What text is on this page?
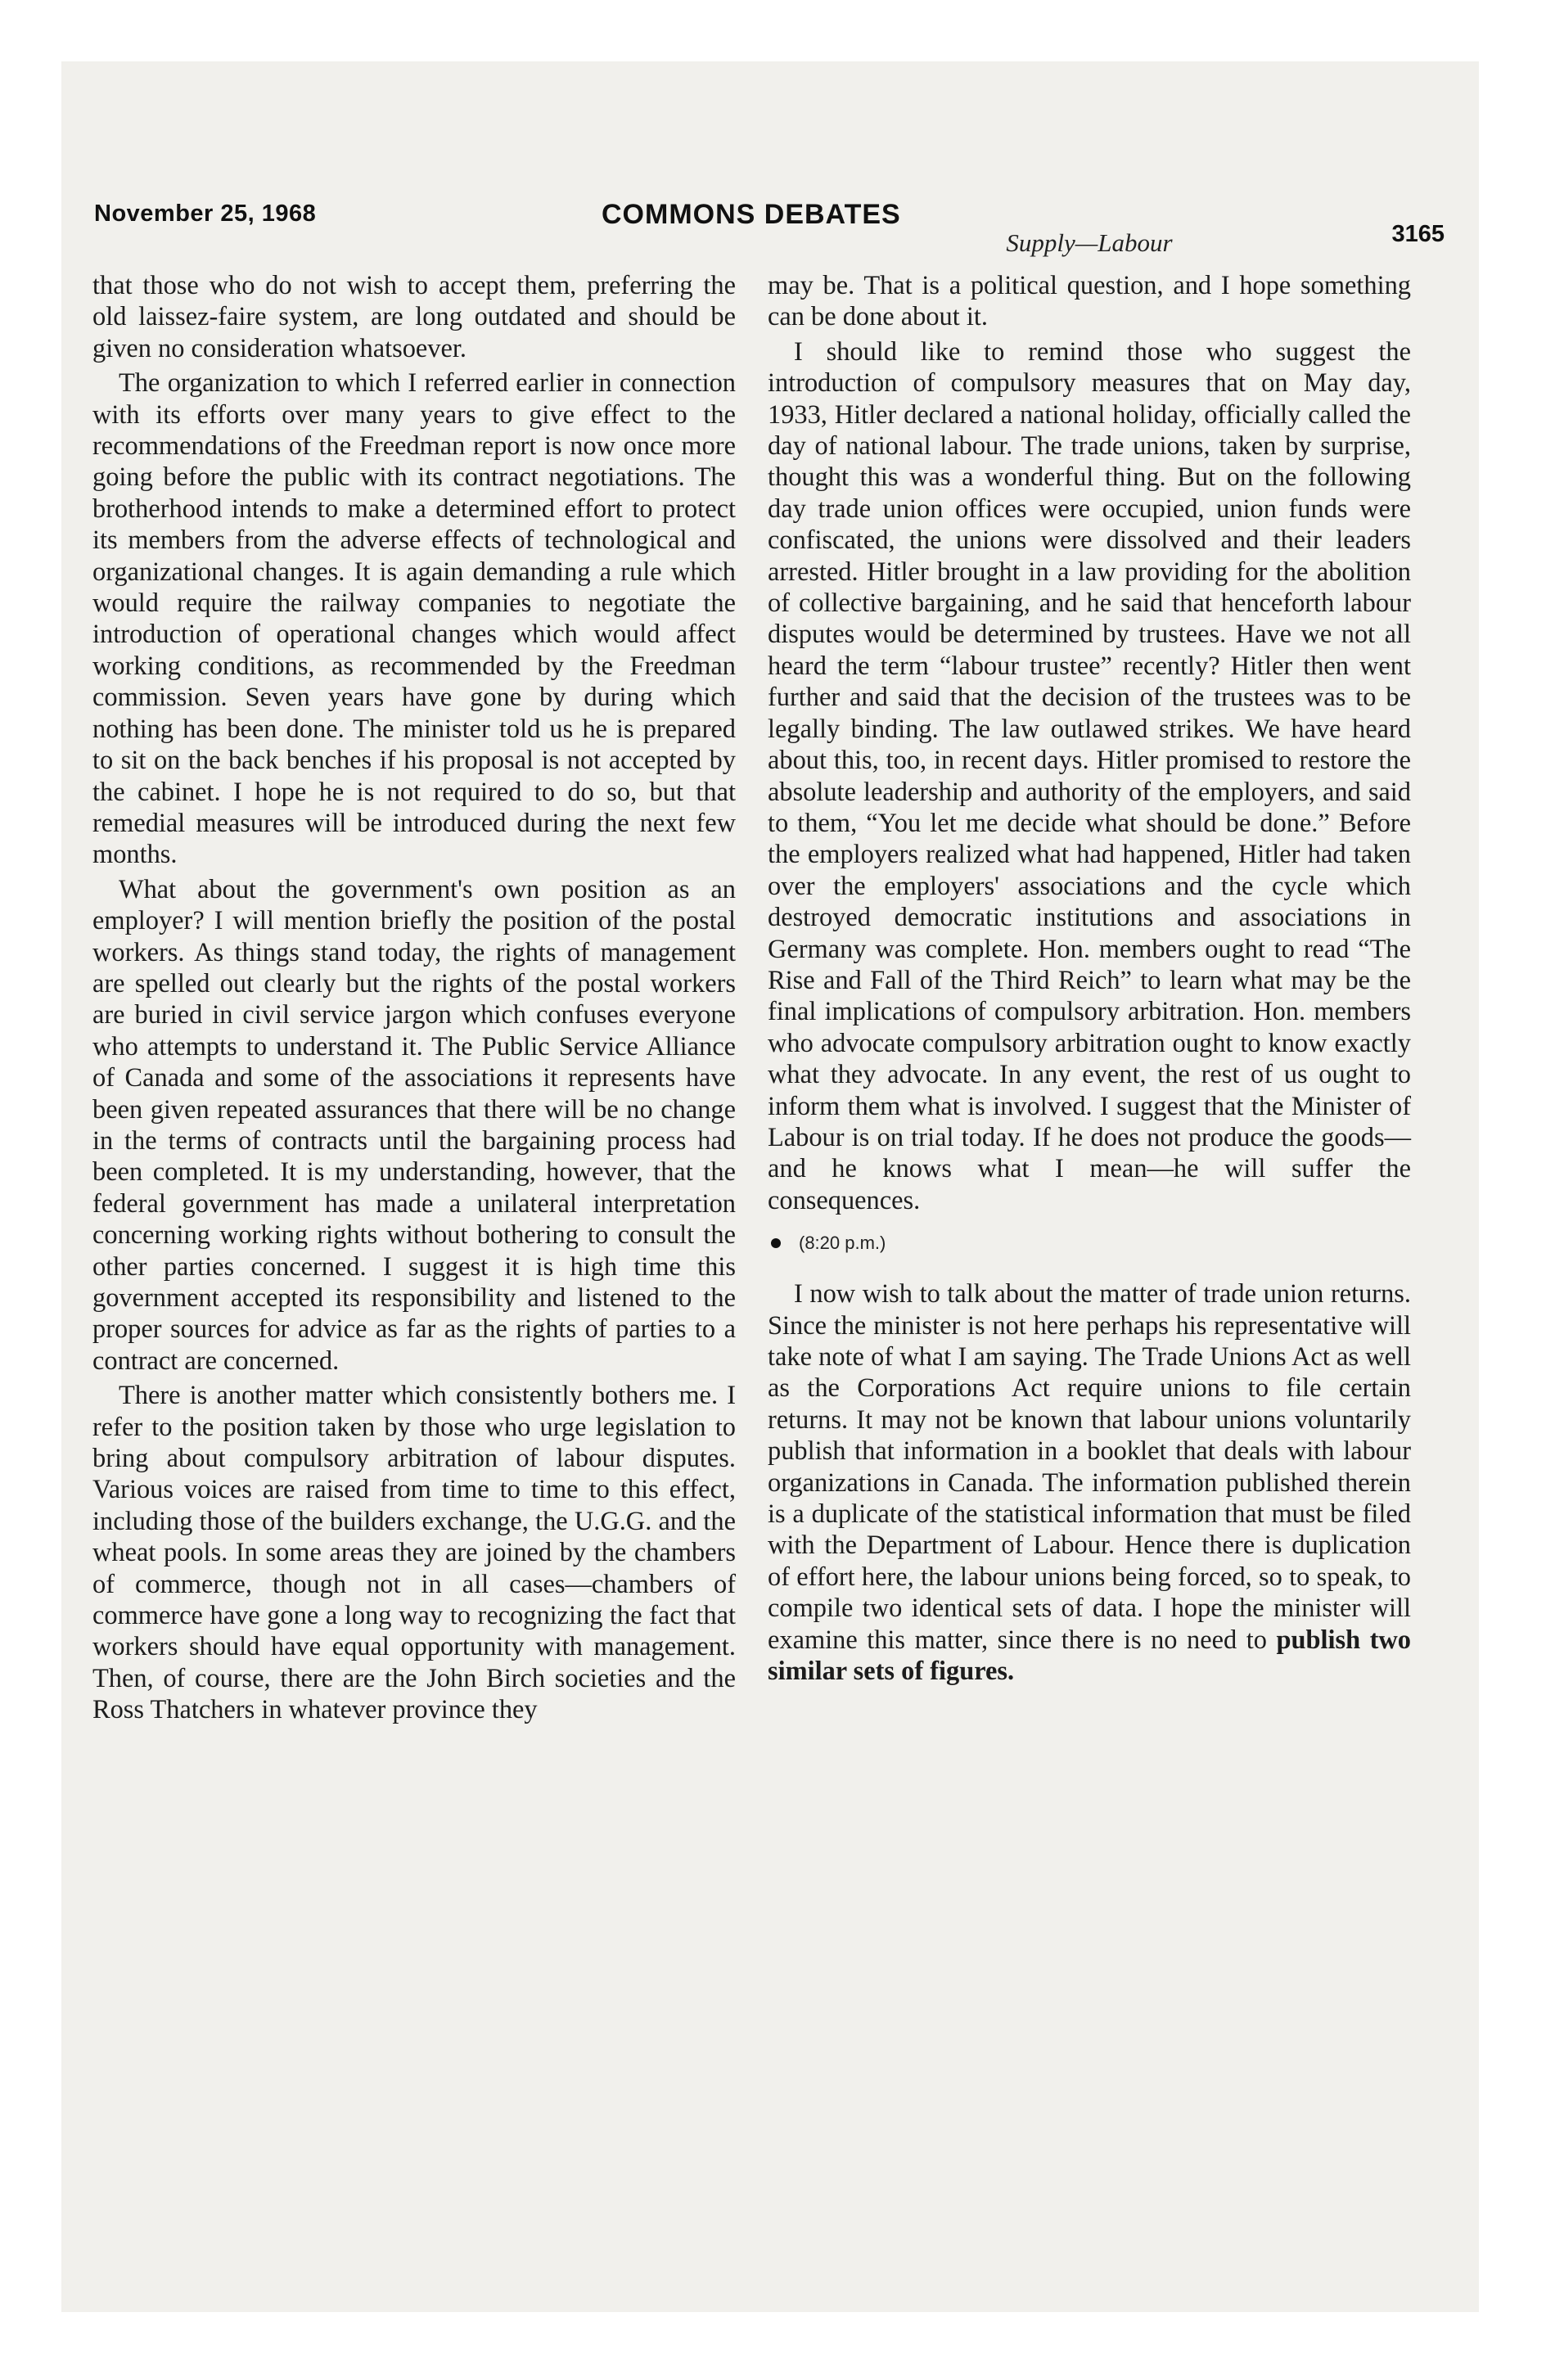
November 25, 1968	COMMONS DEBATES
3165

that those who do not wish to accept them, preferring the old laissez-faire system, are long outdated and should be given no consideration whatsoever.

The organization to which I referred earlier in connection with its efforts over many years to give effect to the recommendations of the Freedman report is now once more going before the public with its contract negotiations. The brotherhood intends to make a determined effort to protect its members from the adverse effects of technological and organizational changes. It is again demanding a rule which would require the railway companies to negotiate the introduction of operational changes which would affect working conditions, as recommended by the Freedman commission. Seven years have gone by during which nothing has been done. The minister told us he is prepared to sit on the back benches if his proposal is not accepted by the cabinet. I hope he is not required to do so, but that remedial measures will be introduced during the next few months.

What about the government's own position as an employer? I will mention briefly the position of the postal workers. As things stand today, the rights of management are spelled out clearly but the rights of the postal workers are buried in civil service jargon which confuses everyone who attempts to understand it. The Public Service Alliance of Canada and some of the associations it represents have been given repeated assurances that there will be no change in the terms of contracts until the bargaining process had been completed. It is my understanding, however, that the federal government has made a unilateral interpretation concerning working rights without bothering to consult the other parties concerned. I suggest it is high time this government accepted its responsibility and listened to the proper sources for advice as far as the rights of parties to a contract are concerned.

There is another matter which consistently bothers me. I refer to the position taken by those who urge legislation to bring about compulsory arbitration of labour disputes. Various voices are raised from time to time to this effect, including those of the builders exchange, the U.G.G. and the wheat pools. In some areas they are joined by the chambers of commerce, though not in all cases—chambers of commerce have gone a long way to recognizing the fact that workers should have equal opportunity with management. Then, of course, there are the John Birch societies and the Ross Thatchers in whatever province they

Supply—Labour

may be. That is a political question, and I hope something can be done about it.

I should like to remind those who suggest the introduction of compulsory measures that on May day, 1933, Hitler declared a national holiday, officially called the day of national labour. The trade unions, taken by surprise, thought this was a wonderful thing. But on the following day trade union offices were occupied, union funds were confiscated, the unions were dissolved and their leaders arrested. Hitler brought in a law providing for the abolition of collective bargaining, and he said that henceforth labour disputes would be determined by trustees. Have we not all heard the term “labour trustee” recently? Hitler then went further and said that the decision of the trustees was to be legally binding. The law outlawed strikes. We have heard about this, too, in recent days. Hitler promised to restore the absolute leadership and authority of the employers, and said to them, “You let me decide what should be done.” Before the employers realized what had happened, Hitler had taken over the employers' associations and the cycle which destroyed democratic institutions and associations in Germany was complete. Hon. members ought to read “The Rise and Fall of the Third Reich” to learn what may be the final implications of compulsory arbitration. Hon. members who advocate compulsory arbitration ought to know exactly what they advocate. In any event, the rest of us ought to inform them what is involved. I suggest that the Minister of Labour is on trial today. If he does not produce the goods—and he knows what I mean—he will suffer the consequences.

(8:20 p.m.)

I now wish to talk about the matter of trade union returns. Since the minister is not here perhaps his representative will take note of what I am saying. The Trade Unions Act as well as the Corporations Act require unions to file certain returns. It may not be known that labour unions voluntarily publish that information in a booklet that deals with labour organizations in Canada. The information published therein is a duplicate of the statistical information that must be filed with the Department of Labour. Hence there is duplication of effort here, the labour unions being forced, so to speak, to compile two identical sets of data. I hope the minister will examine this matter, since there is no need to publish two similar sets of figures.
